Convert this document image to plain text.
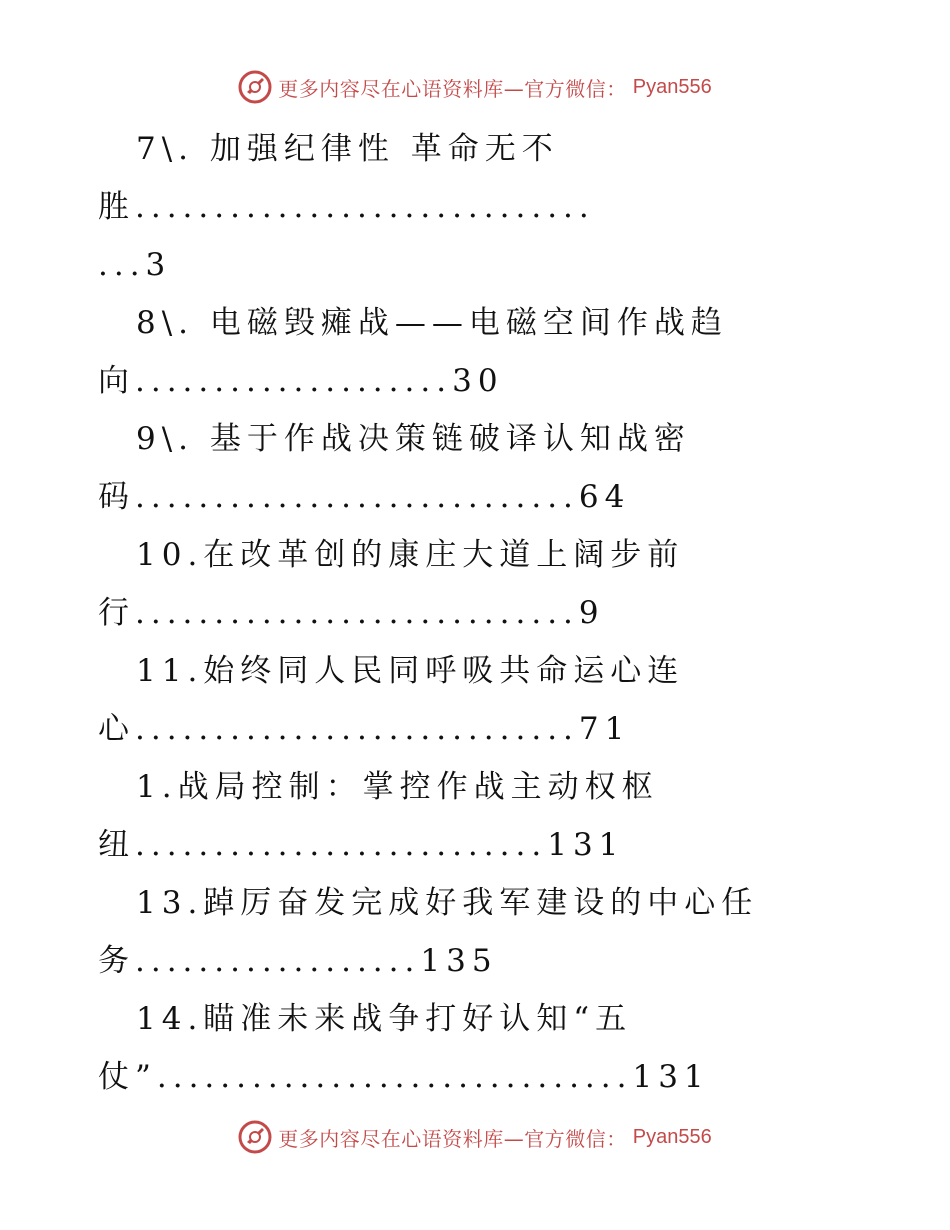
更多内容尽在心语资料库—官方微信： Pyan556
7\. 加强纪律性 革命无不
胜.............................
...3
8\. 电磁毁瘫战——电磁空间作战趋
向....................30
9\. 基于作战决策链破译认知战密
码............................64
10.在改革创的康庄大道上阔步前
行............................9
11.始终同人民同呼吸共命运心连
心............................71
1.战局控制：掌控作战主动权枢
纽..........................131
13.踔厉奋发完成好我军建设的中心任
务..................135
14.瞄准未来战争打好认知“五
仗”..............................131
更多内容尽在心语资料库—官方微信： Pyan556
